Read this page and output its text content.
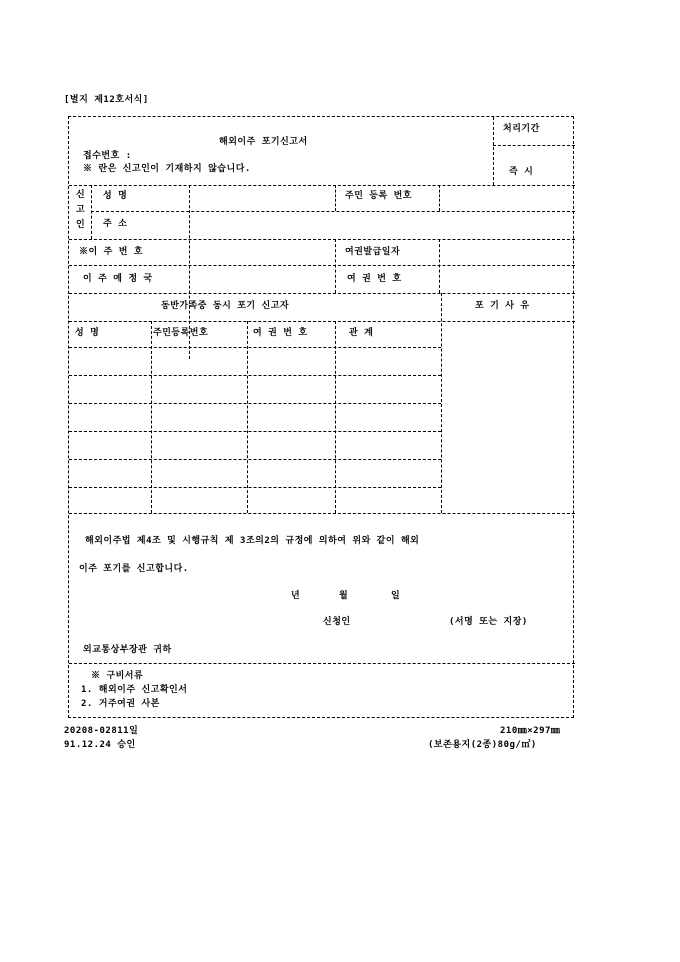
[별지 제12호서식]
해외이주 포기신고서
접수번호 :
※ 란은 신고인이 기재하지 않습니다.
처리기간
즉 시
신
고
인
성 명	주민 등록 번호
주 소
※이 주 번 호	여권발급일자
이 주 예 정 국	여 권 번 호
동반가족중 동시 포기 신고자	포 기 사 유
성 명	주민등록번호	여 권 번 호	관 계
해외이주법 제4조 및 시행규칙 제 3조의2의 규정에 의하여 위와 같이 해외
이주 포기를 신고합니다.
년	월	일
신청인	(서명 또는 지장)
외교통상부장관 귀하
※ 구비서류
1. 해외이주 신고확인서
2. 거주여권 사본
20208-02811일
91.12.24 승인
210㎜×297㎜
(보존용지(2종)80g/㎡)
